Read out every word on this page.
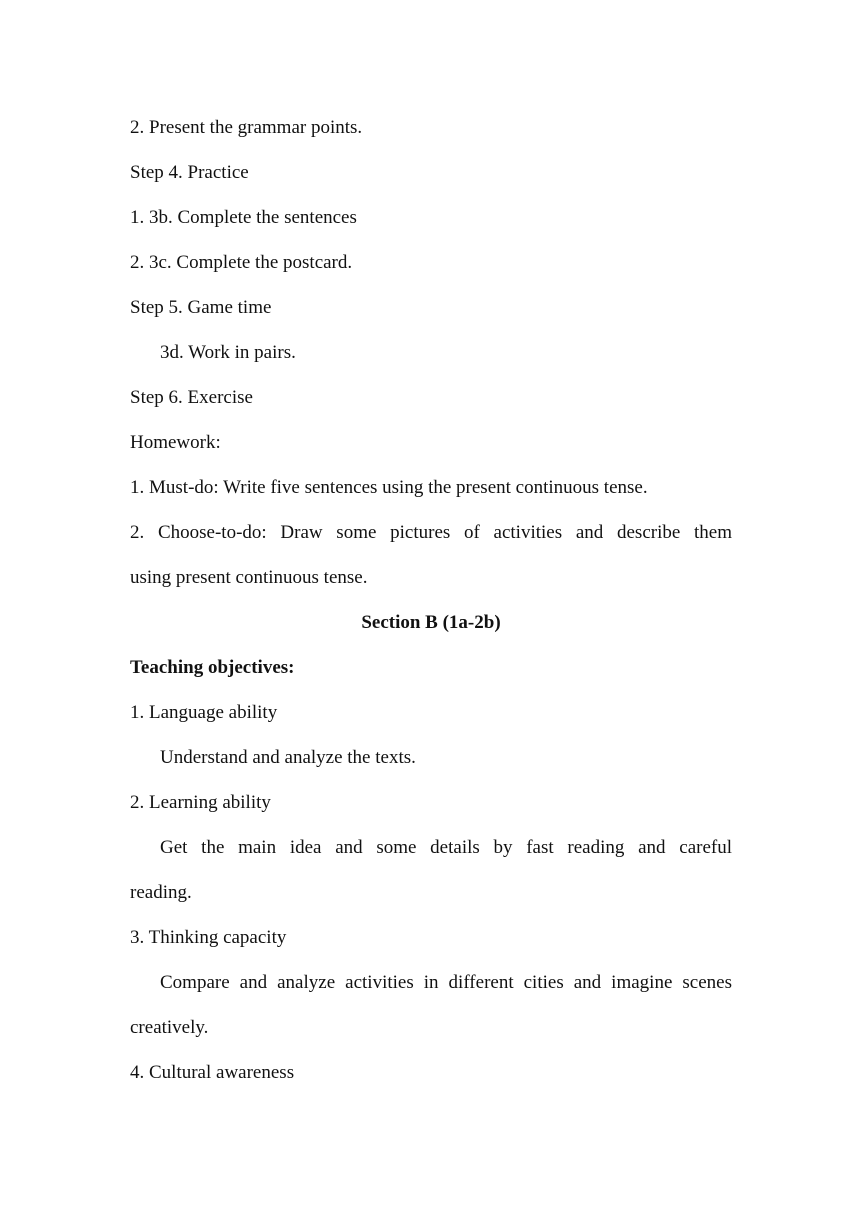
2. Present the grammar points.
Step 4. Practice
1. 3b. Complete the sentences
2. 3c. Complete the postcard.
Step 5. Game time
3d. Work in pairs.
Step 6. Exercise
Homework:
1. Must-do: Write five sentences using the present continuous tense.
2. Choose-to-do: Draw some pictures of activities and describe them
using present continuous tense.
Section B (1a-2b)
Teaching objectives:
1. Language ability
Understand and analyze the texts.
2. Learning ability
Get the main idea and some details by fast reading and careful
reading.
3. Thinking capacity
Compare and analyze activities in different cities and imagine scenes
creatively.
4. Cultural awareness
